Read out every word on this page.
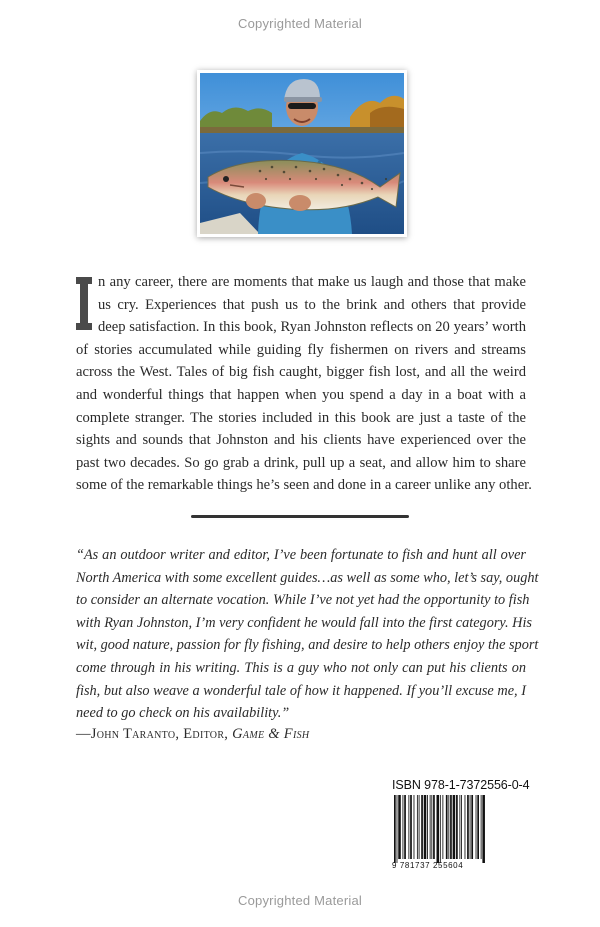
Copyrighted Material
n any career, there are moments that make us laugh and those that make
us cry. Experiences that push us to the brink and others that provide
deep satisfaction. In this book, Ryan Johnston reflects on 20 years’ worth
of stories accumulated while guiding fly fishermen on rivers and streams
across the West. Tales of big fish caught, bigger fish lost, and all the weird
and wonderful things that happen when you spend a day in a boat with a
complete stranger. The stories included in this book are just a taste of the
sights and sounds that Johnston and his clients have experienced over the
past two decades. So go grab a drink, pull up a seat, and allow him to share
some of the remarkable things he’s seen and done in a career unlike any other.
“As an outdoor writer and editor, I’ve been fortunate to fish and hunt all over
North America with some excellent guides…as well as some who, let’s say, ought
to consider an alternate vocation. While I’ve not yet had the opportunity to fish
with Ryan Johnston, I’m very confident he would fall into the first category. His
wit, good nature, passion for fly fishing, and desire to help others enjoy the sport
come through in his writing. This is a guy who not only can put his clients on
fish, but also weave a wonderful tale of how it happened. If you’ll excuse me, I
need to go check on his availability.”
—John Taranto, Editor, Game & Fish
ISBN 978-1-7372556-0-4
9 781737 255604
Copyrighted Material
